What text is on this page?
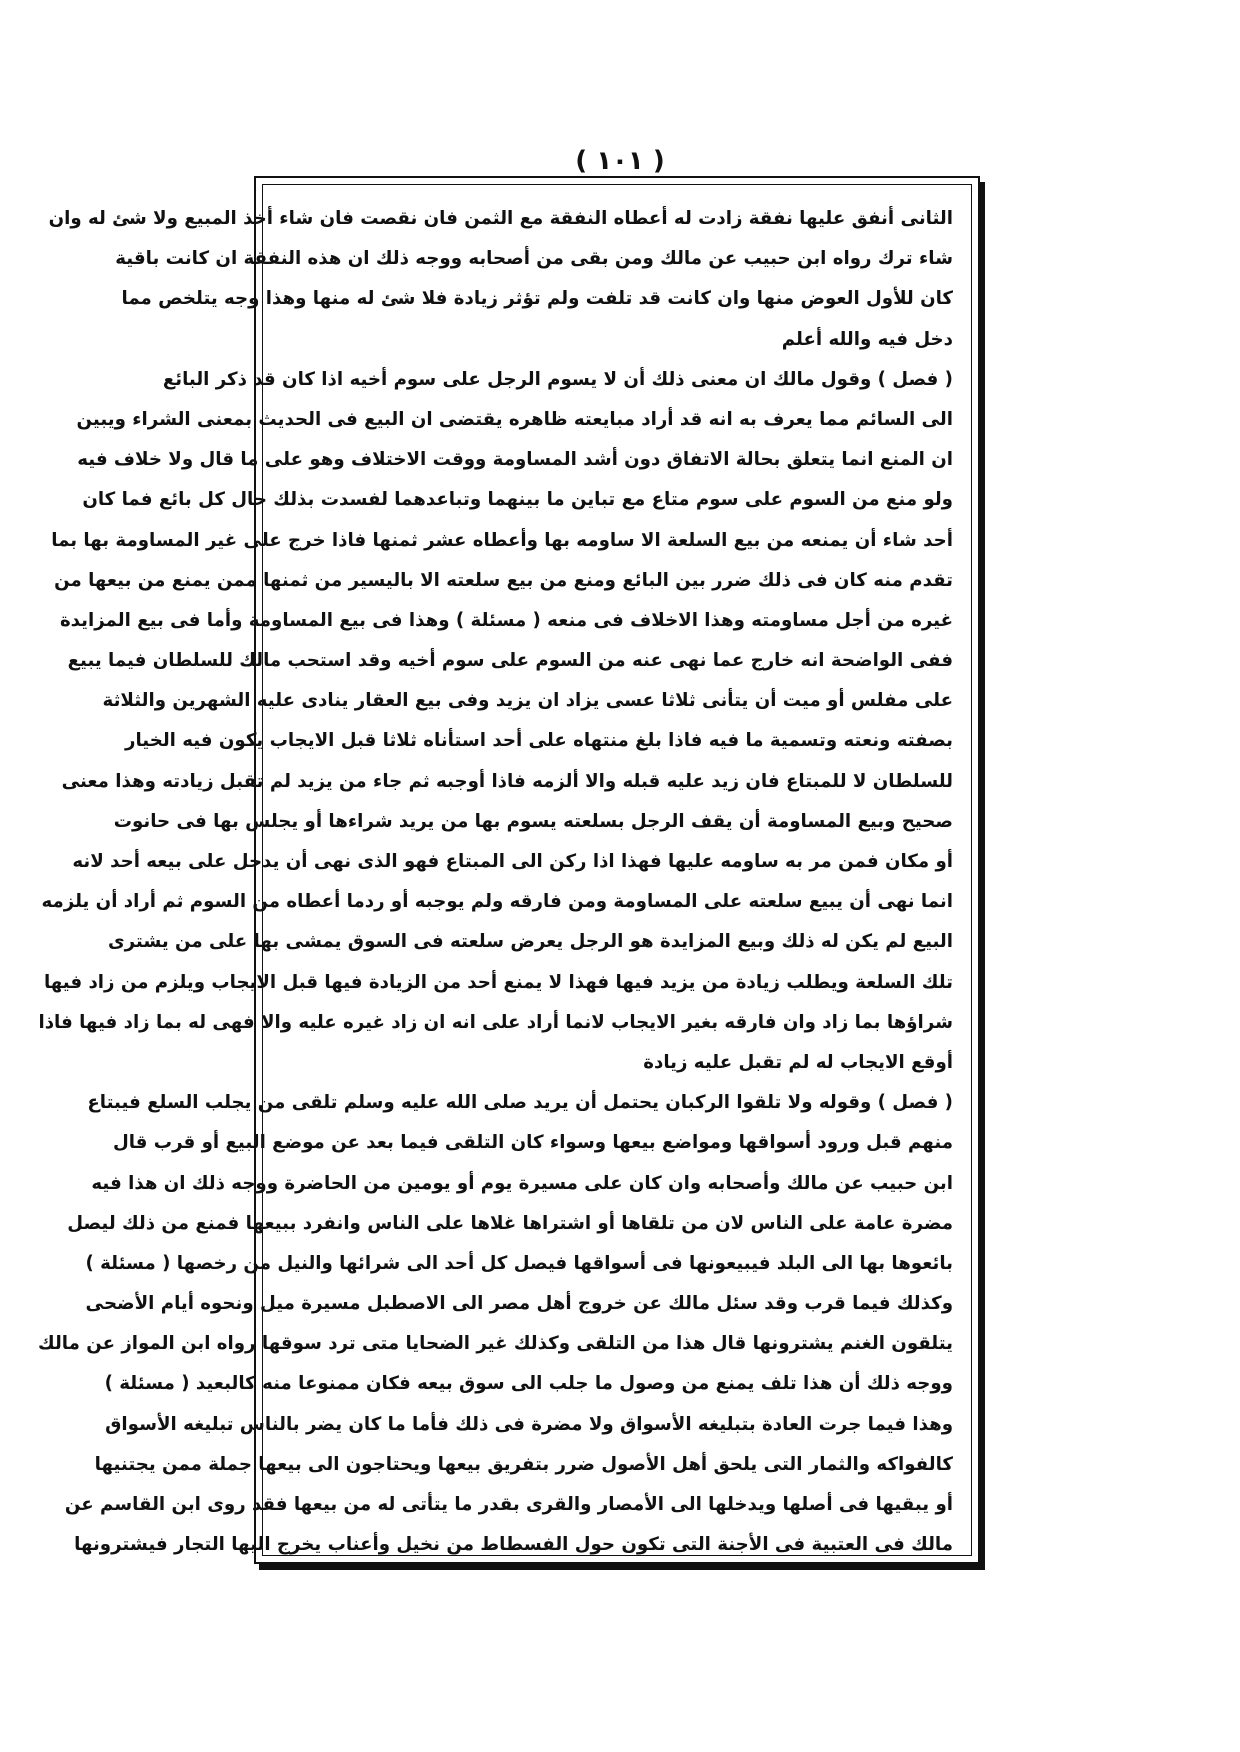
( ١٠١ )
الثانى أنفق عليها نفقة زادت له أعطاه النفقة مع الثمن فان نقصت فان شاء أخذ المبيع ولا شئ له وان
شاء ترك رواه ابن حبيب عن مالك ومن بقى من أصحابه ووجه ذلك ان هذه النفقة ان كانت باقية
كان للأول العوض منها وان كانت قد تلفت ولم تؤثر زيادة فلا شئ له منها وهذا وجه يتلخص مما
دخل فيه والله أعلم
( فصل ) وقول مالك ان معنى ذلك أن لا يسوم الرجل على سوم أخيه اذا كان قد ذكر البائع
الى السائم مما يعرف به انه قد أراد مبايعته ظاهره يقتضى ان البيع فى الحديث بمعنى الشراء ويبين
ان المنع انما يتعلق بحالة الاتفاق دون أشد المساومة ووقت الاختلاف وهو على ما قال ولا خلاف فيه
ولو منع من السوم على سوم متاع مع تباين ما بينهما وتباعدهما لفسدت بذلك حال كل بائع فما كان
أحد شاء أن يمنعه من بيع السلعة الا ساومه بها وأعطاه عشر ثمنها فاذا خرج على غير المساومة بها بما
تقدم منه كان فى ذلك ضرر بين البائع ومنع من بيع سلعته الا باليسير من ثمنها ممن يمنع من بيعها من
غيره من أجل مساومته وهذا الاخلاف فى منعه ( مسئلة ) وهذا فى بيع المساومة وأما فى بيع المزايدة
ففى الواضحة انه خارج عما نهى عنه من السوم على سوم أخيه وقد استحب مالك للسلطان فيما يبيع
على مفلس أو ميت أن يتأنى ثلاثا عسى يزاد ان يزيد وفى بيع العقار ينادى عليه الشهرين والثلاثة
بصفته ونعته وتسمية ما فيه فاذا بلغ منتهاه على أحد استأناه ثلاثا قبل الايجاب يكون فيه الخيار
للسلطان لا للمبتاع فان زيد عليه قبله والا ألزمه فاذا أوجبه ثم جاء من يزيد لم تقبل زيادته وهذا معنى
صحيح وبيع المساومة أن يقف الرجل بسلعته يسوم بها من يريد شراءها أو يجلس بها فى حانوت
أو مكان فمن مر به ساومه عليها فهذا اذا ركن الى المبتاع فهو الذى نهى أن يدخل على بيعه أحد لانه
انما نهى أن يبيع سلعته على المساومة ومن فارقه ولم يوجبه أو ردما أعطاه من السوم ثم أراد أن يلزمه
البيع لم يكن له ذلك وبيع المزايدة هو الرجل يعرض سلعته فى السوق يمشى بها على من يشترى
تلك السلعة ويطلب زيادة من يزيد فيها فهذا لا يمنع أحد من الزيادة فيها قبل الايجاب ويلزم من زاد فيها
شراؤها بما زاد وان فارقه بغير الايجاب لانما أراد على انه ان زاد غيره عليه والا فهى له بما زاد فيها فاذا
أوقع الايجاب له لم تقبل عليه زيادة
( فصل ) وقوله ولا تلقوا الركبان يحتمل أن يريد صلى الله عليه وسلم تلقى من يجلب السلع فيبتاع
منهم قبل ورود أسواقها ومواضع بيعها وسواء كان التلقى فيما بعد عن موضع البيع أو قرب قال
ابن حبيب عن مالك وأصحابه وان كان على مسيرة يوم أو يومين من الحاضرة ووجه ذلك ان هذا فيه
مضرة عامة على الناس لان من تلقاها أو اشتراها غلاها على الناس وانفرد ببيعها فمنع من ذلك ليصل
بائعوها بها الى البلد فيبيعونها فى أسواقها فيصل كل أحد الى شرائها والنيل من رخصها ( مسئلة )
وكذلك فيما قرب وقد سئل مالك عن خروج أهل مصر الى الاصطبل مسيرة ميل ونحوه أيام الأضحى
يتلقون الغنم يشترونها قال هذا من التلقى وكذلك غير الضحايا متى ترد سوقها رواه ابن المواز عن مالك
ووجه ذلك أن هذا تلف يمنع من وصول ما جلب الى سوق بيعه فكان ممنوعا منه كالبعيد ( مسئلة )
وهذا فيما جرت العادة بتبليغه الأسواق ولا مضرة فى ذلك فأما ما كان يضر بالناس تبليغه الأسواق
كالفواكه والثمار التى يلحق أهل الأصول ضرر بتفريق بيعها ويحتاجون الى بيعها جملة ممن يجتنيها
أو يبقيها فى أصلها ويدخلها الى الأمصار والقرى بقدر ما يتأتى له من بيعها فقد روى ابن القاسم عن
مالك فى العتبية فى الأجنة التى تكون حول الفسطاط من نخيل وأعناب يخرج اليها التجار فيشترونها
